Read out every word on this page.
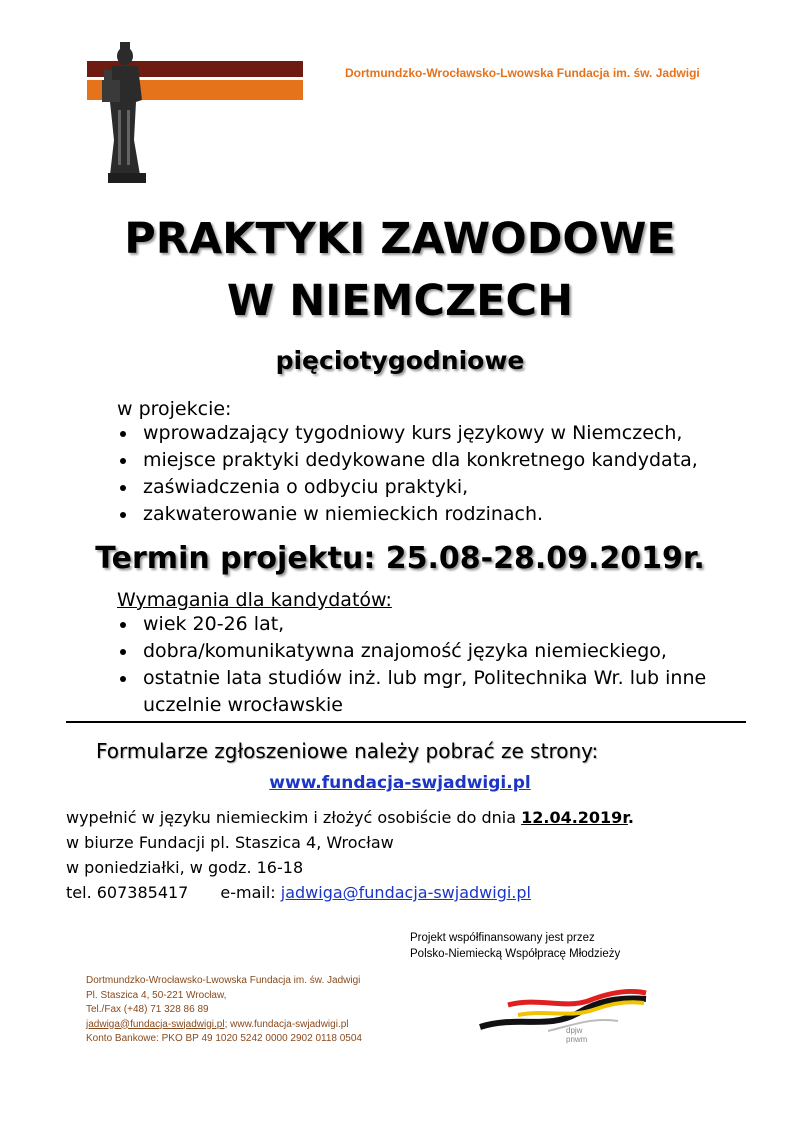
Dortmundzko-Wrocławsko-Lwowska Fundacja im. św. Jadwigi
PRAKTYKI ZAWODOWE
W NIEMCZECH
pięciotygodniowe
w projekcie:
wprowadzający tygodniowy kurs językowy w Niemczech,
miejsce praktyki dedykowane dla konkretnego kandydata,
zaświadczenia o odbyciu praktyki,
zakwaterowanie w niemieckich rodzinach.
Termin projektu: 25.08-28.09.2019r.
Wymagania dla kandydatów:
wiek 20-26 lat,
dobra/komunikatywna znajomość języka niemieckiego,
ostatnie lata studiów inż. lub mgr, Politechnika Wr. lub inne uczelnie wrocławskie
Formularze zgłoszeniowe należy pobrać ze strony:
www.fundacja-swjadwigi.pl
wypełnić w języku niemieckim i złożyć osobiście do dnia 12.04.2019r.
w biurze Fundacji pl. Staszica 4, Wrocław
w poniedziałki, w godz. 16-18
tel. 607385417 e-mail: jadwiga@fundacja-swjadwigi.pl
Projekt współfinansowany jest przez
Polsko-Niemiecką Współpracę Młodzieży
Dortmundzko-Wrocławsko-Lwowska Fundacja im. św. Jadwigi
Pl. Staszica 4, 50-221 Wrocław,
Tel./Fax (+48) 71 328 86 89
jadwiga@fundacja-swjadwigi.pl; www.fundacja-swjadwigi.pl
Konto Bankowe: PKO BP 49 1020 5242 0000 2902 0118 0504
dpjw
pnwm
